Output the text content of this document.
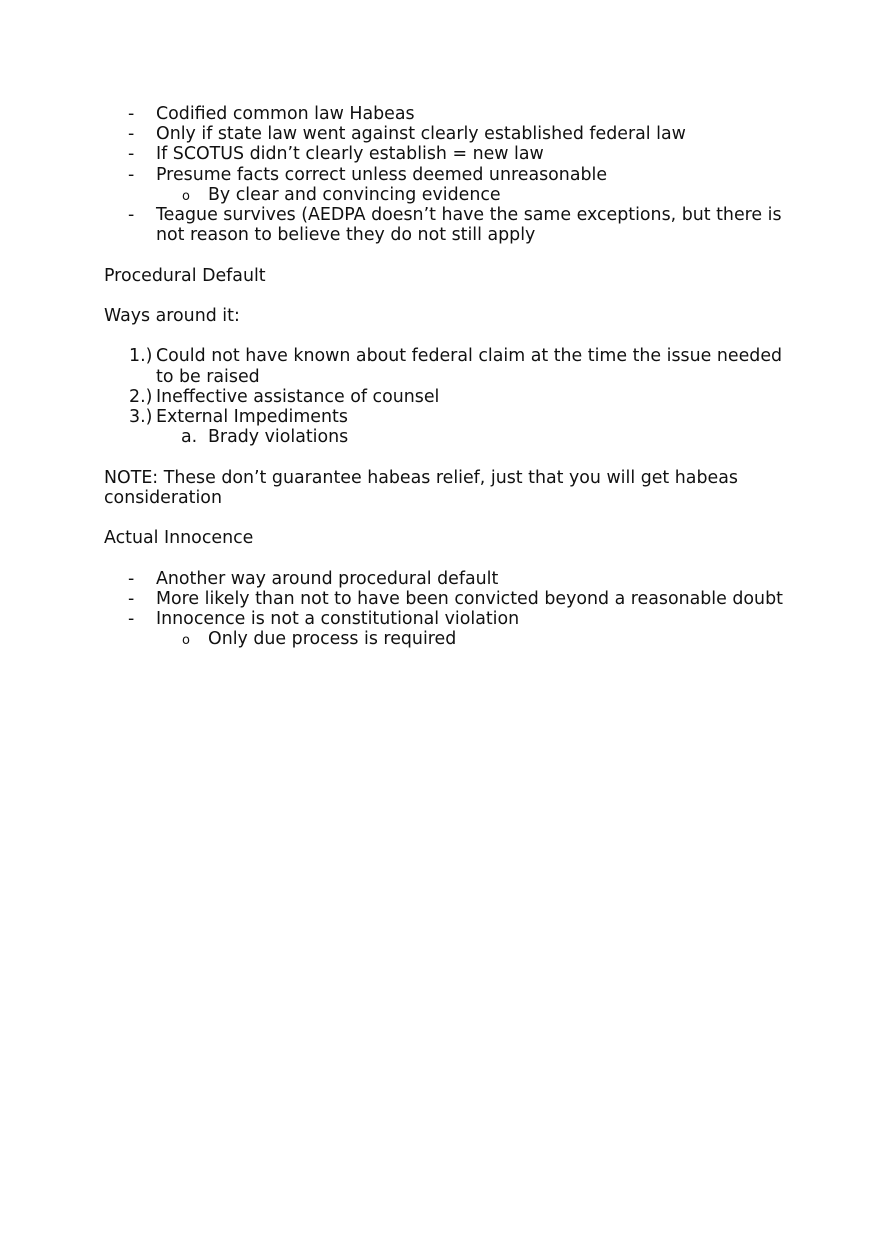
- Codified common law Habeas
- Only if state law went against clearly established federal law
- If SCOTUS didn’t clearly establish = new law
- Presume facts correct unless deemed unreasonable
o By clear and convincing evidence
- Teague survives (AEDPA doesn’t have the same exceptions, but there is not reason to believe they do not still apply
Procedural Default
Ways around it:
1.) Could not have known about federal claim at the time the issue needed to be raised
2.) Ineffective assistance of counsel
3.) External Impediments
a. Brady violations
NOTE: These don’t guarantee habeas relief, just that you will get habeas consideration
Actual Innocence
- Another way around procedural default
- More likely than not to have been convicted beyond a reasonable doubt
- Innocence is not a constitutional violation
o Only due process is required
